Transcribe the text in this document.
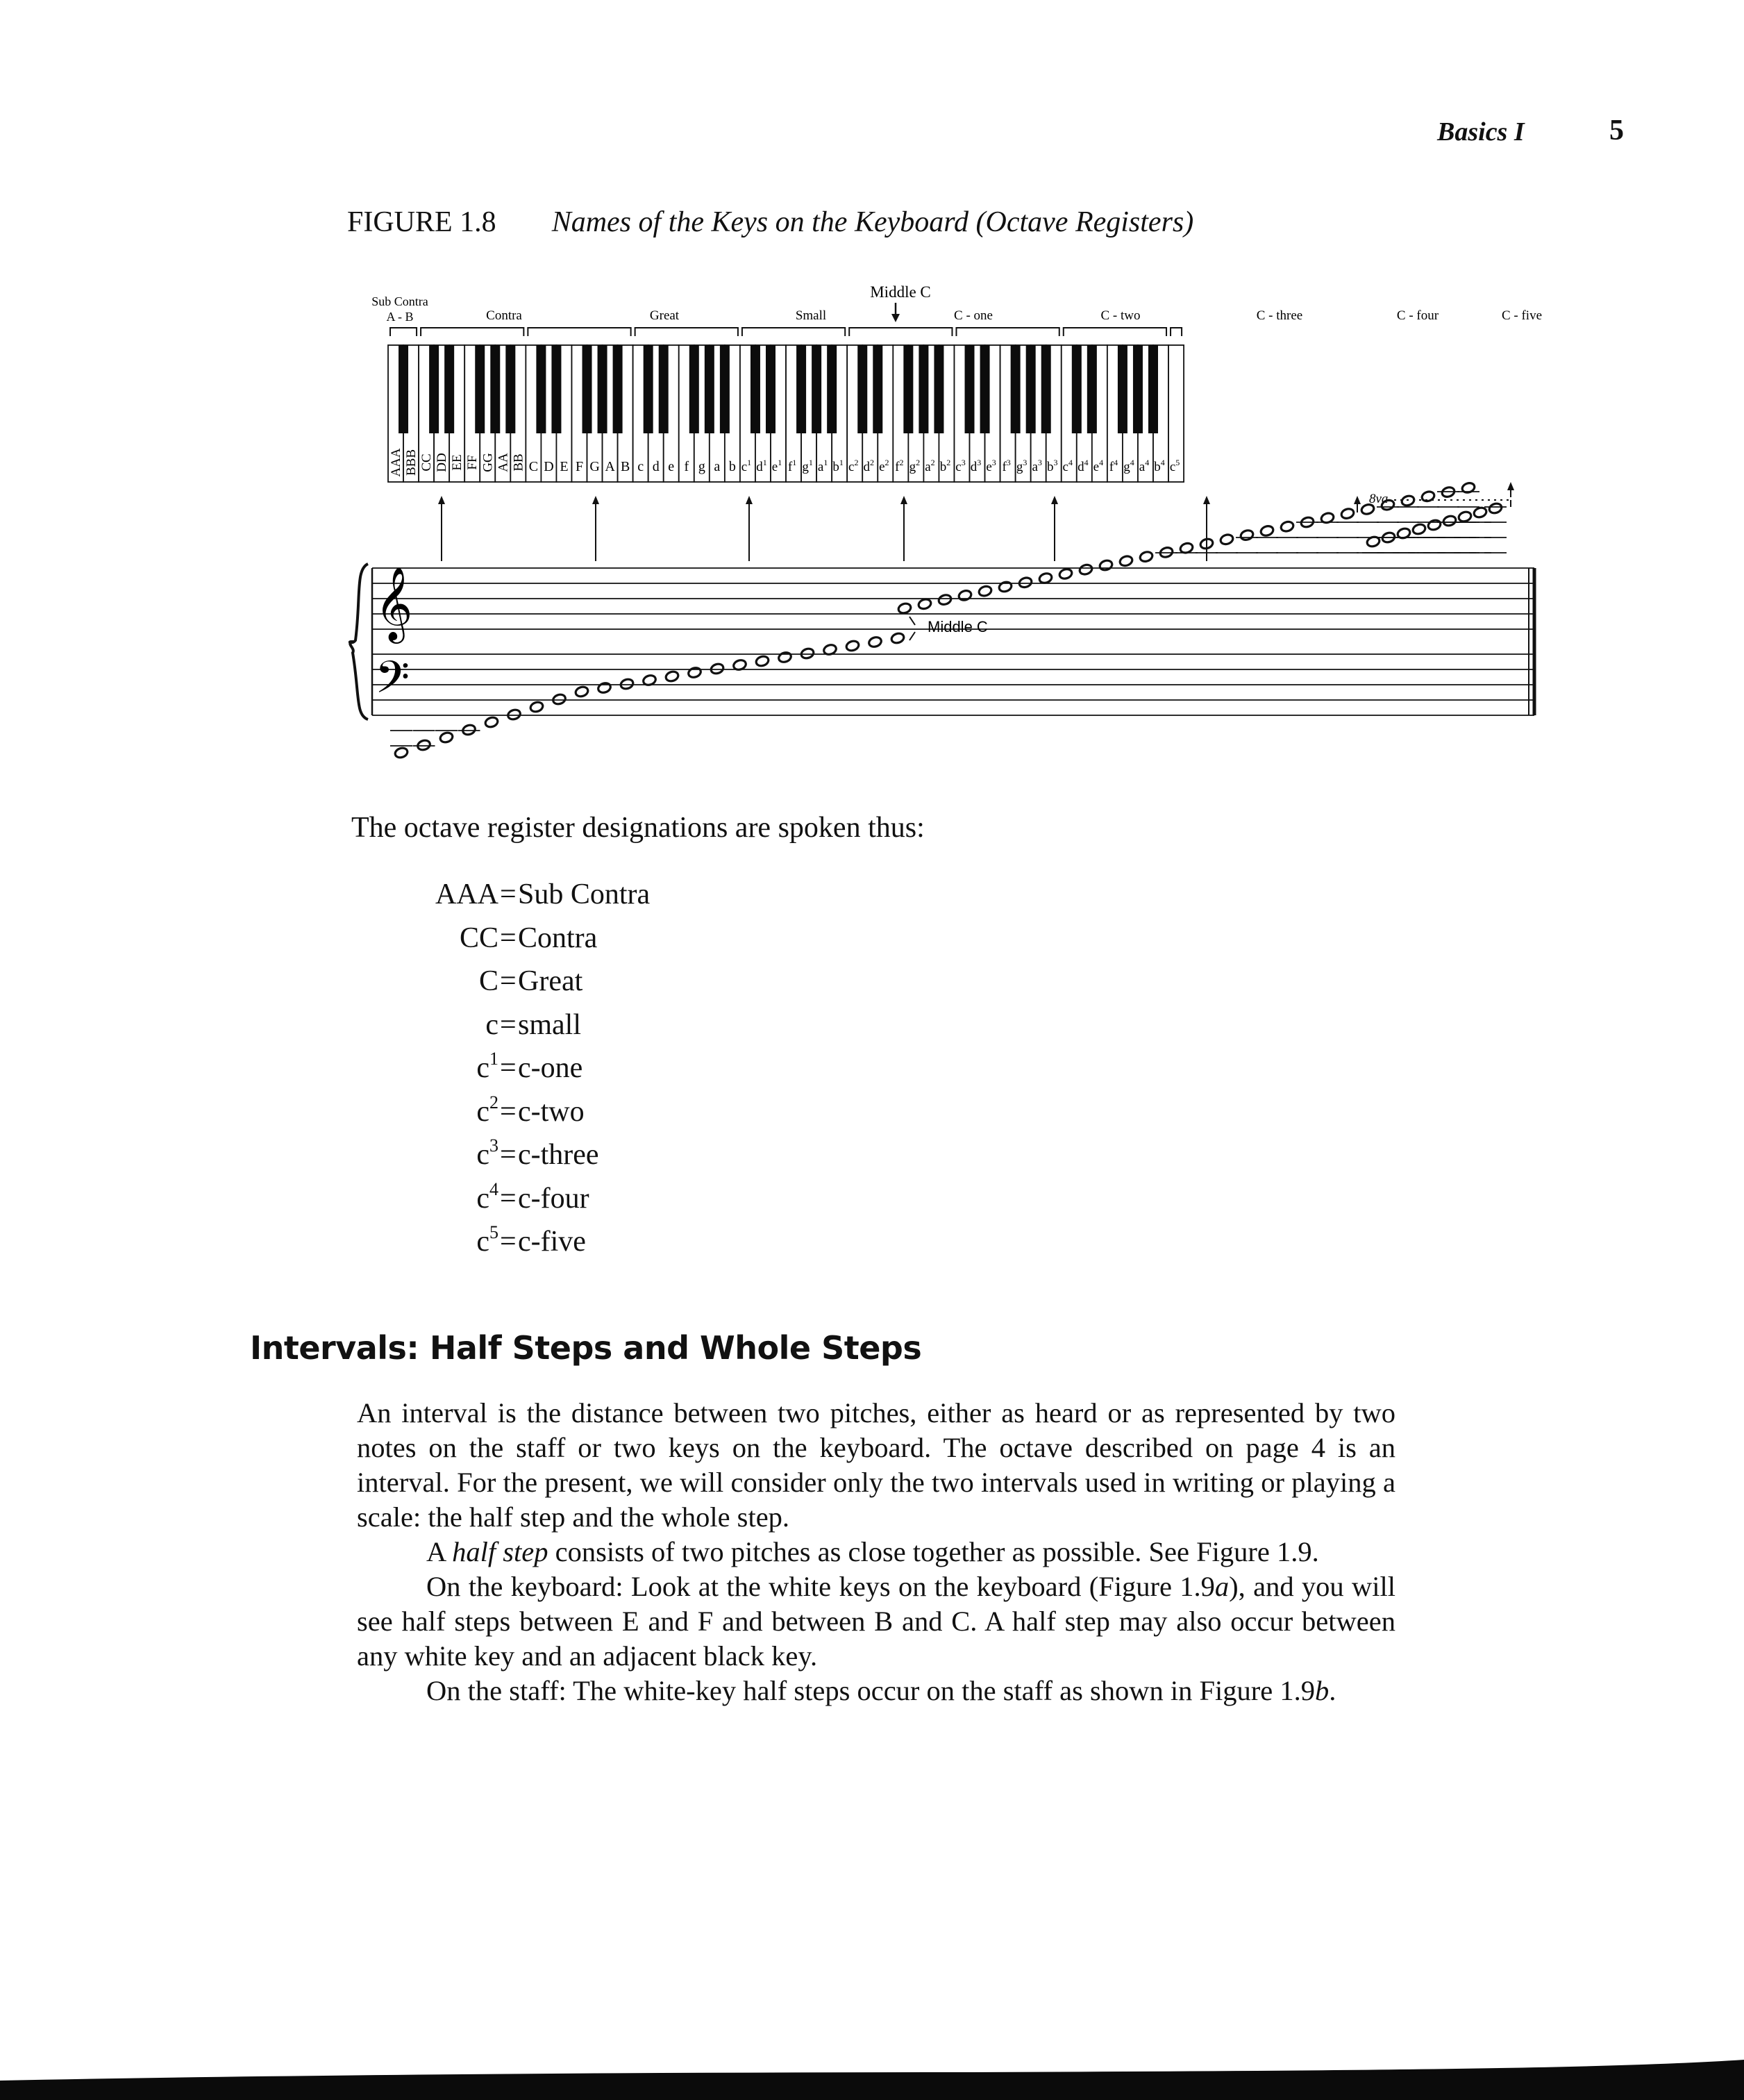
Basics I	5
FIGURE 1.8 Names of the Keys on the Keyboard (Octave Registers)
Middle C
Sub Contra
A - B	Contra	Great	Small	C - one	C - two	C - three	C - four	C - five
AAA BBB CC DD EE FF GG AA BB C D E F G A B c d e f g a b $c^1$ $d^1$ $e^1$ $f^1$ $g^1$ $a^1$ $b^1$ $c^2$ $d^2$ $e^2$ $f^2$ $g^2$ $a^2$ $b^2$ $c^3$ $d^3$ $e^3$ $f^3$ $g^3$ $a^3$ $b^3$ $c^4$ $d^4$ $e^4$ $f^4$ $g^4$ $a^4$ $b^4$ $c^5$
8va
𝄞
𝄢
Middle C
The octave register designations are spoken thus:
AAA = Sub Contra
CC = Contra
C = Great
c = small
$c^1 = c-one$
$c^2 = c-two$
$c^3$ = c-three
$c^4$ = c-four
$c^5$ = c-five
Intervals: Half Steps and Whole Steps

An interval is the distance between two pitches, either as heard or as represented by two notes on the staff or two keys on the keyboard. The octave described on page 4 is an interval. For the present, we will consider only the two intervals used in writing or playing a scale: the half step and the whole step.

A half step consists of two pitches as close together as possible. See Figure 1.9.

On the keyboard: Look at the white keys on the keyboard (Figure 1.9a), and you will see half steps between E and F and between B and C. A half step may also occur between any white key and an adjacent black key.

On the staff: The white-key half steps occur on the staff as shown in Figure 1.9b.
